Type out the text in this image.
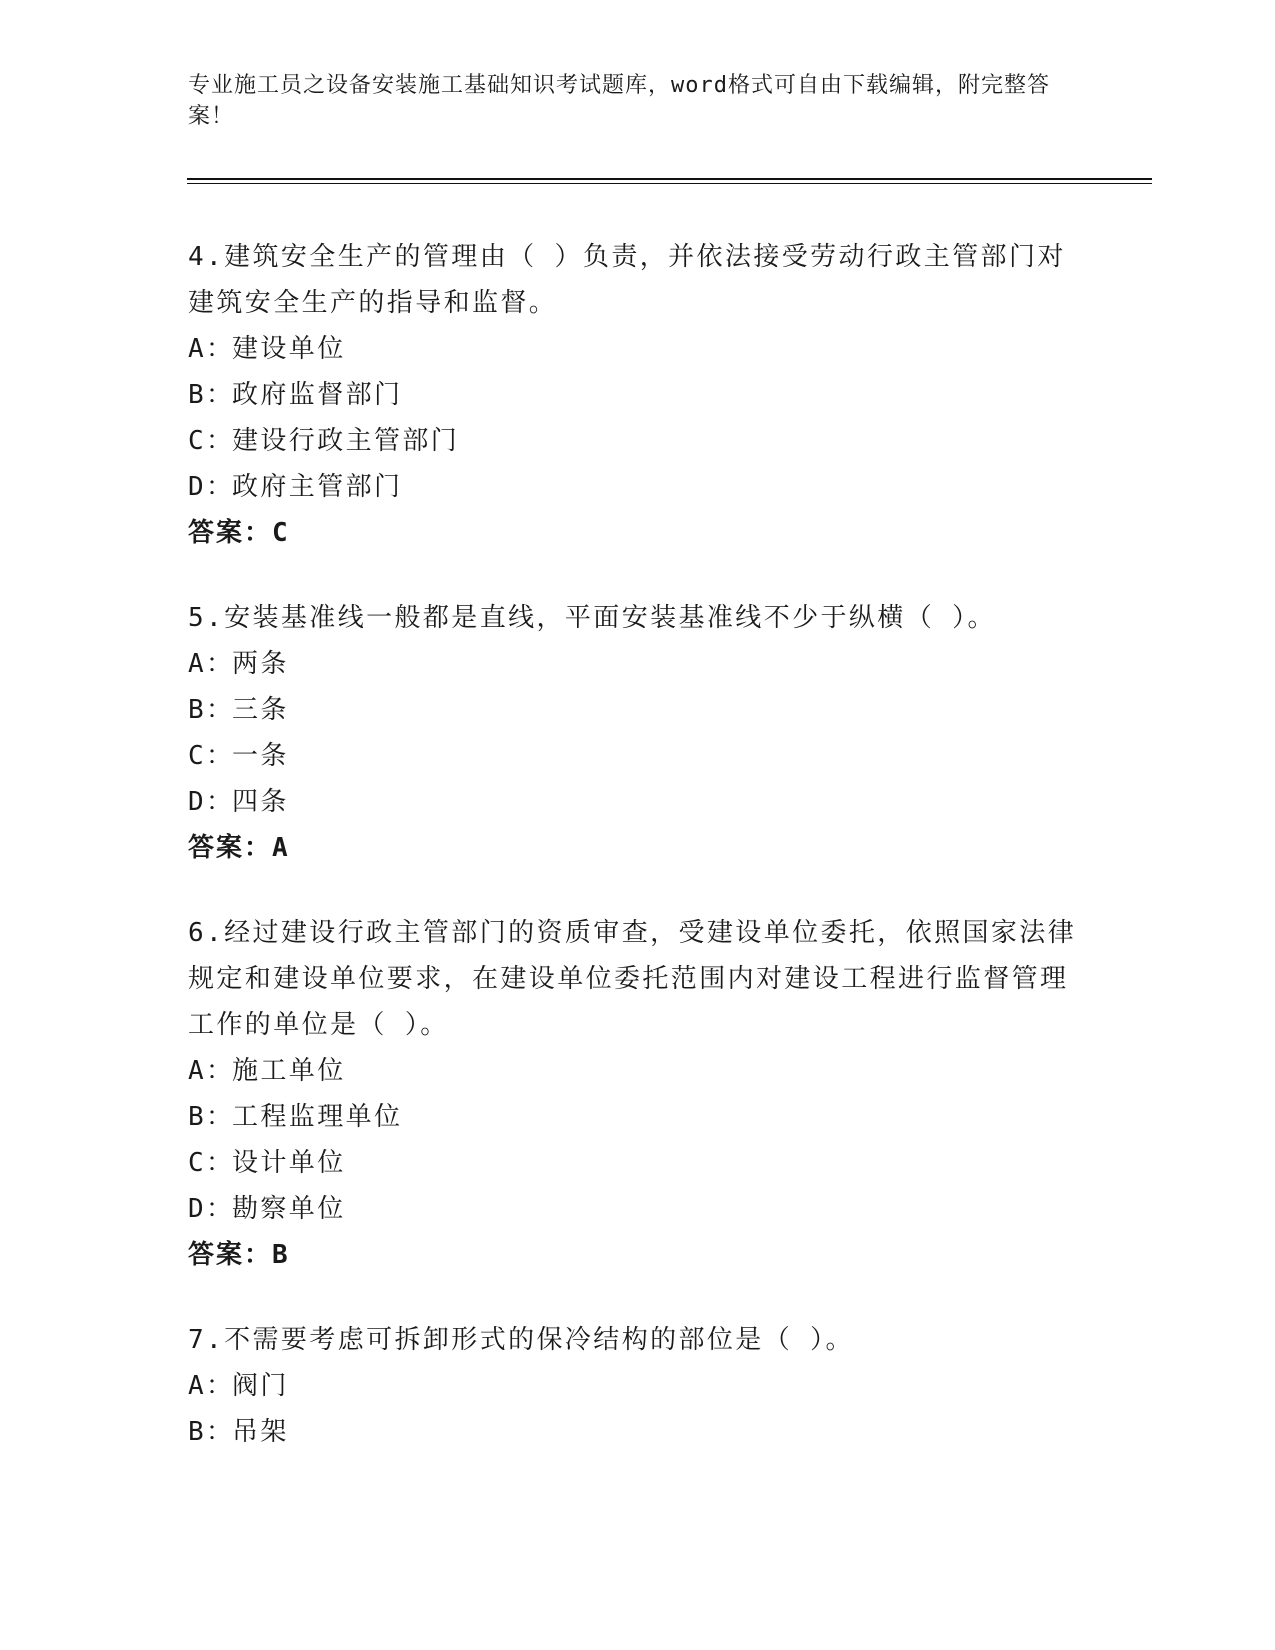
专业施工员之设备安装施工基础知识考试题库，word格式可自由下载编辑，附完整答案！
4.建筑安全生产的管理由（ ）负责，并依法接受劳动行政主管部门对建筑安全生产的指导和监督。
A：建设单位
B：政府监督部门
C：建设行政主管部门
D：政府主管部门
答案：C
5.安装基准线一般都是直线，平面安装基准线不少于纵横（ ）。
A：两条
B：三条
C：一条
D：四条
答案：A
6.经过建设行政主管部门的资质审查，受建设单位委托，依照国家法律规定和建设单位要求，在建设单位委托范围内对建设工程进行监督管理工作的单位是（ ）。
A：施工单位
B：工程监理单位
C：设计单位
D：勘察单位
答案：B
7.不需要考虑可拆卸形式的保冷结构的部位是（ ）。
A：阀门
B：吊架
